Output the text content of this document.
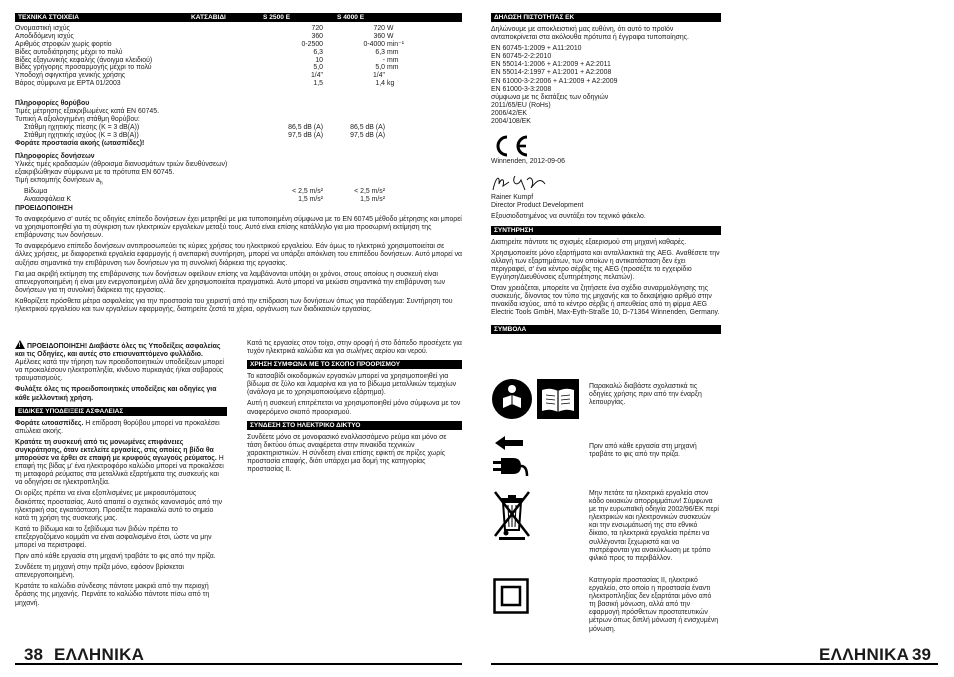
ΤΕΧΝΙΚΑ ΣΤΟΙΧΕΙΑ	ΚΑΤΣΑΒΙΔΙ	S 2500 E	S 4000 E
Ονομαστική ισχύς	720	720 W
Αποδιδόμενη ισχύς	360	360 W
Αριθμός στροφών χωρίς φορτίο	0-2500	0-4000 min⁻¹
Βίδες αυτοδιάτρησης μέχρι το πολύ	6,3	6,3 mm
Βίδες εξαγωνικής κεφαλής (άνοιγμα κλειδιού)	10	- mm
Βίδες γρήγορης προσαρμογής μέχρι το πολύ	5,0	5,0 mm
Υποδοχή σφιγκτήρα γενικής χρήσης	1/4"	1/4"
Βάρος σύμφωνα με EPTA 01/2003	1,5	1,4 kg
Πληροφορίες θορύβου
Τιμές μέτρησης εξακριβωμένες κατά EN 60745.
Τυπική Α αξιολογημένη στάθμη θορύβου:
Στάθμη ηχητικής πίεσης (K = 3 dB(A))	86,5 dB (A)	86,5 dB (A)
Στάθμη ηχητικής ισχύος (K = 3 dB(A))	97,5 dB (A)	97,5 dB (A)
Φοράτε προστασία ακοής (ωτασπίδες)!
Πληροφορίες δονήσεων
Υλικές τιμές κραδασμών (άθροισμα διανυσμάτων τριών διευθύνσεων) εξακριβώθηκαν σύμφωνα με τα πρότυπα EN 60745.
Τιμή εκπομπής δονήσεων $a_h$
Βίδωμα	< 2,5 m/s²	< 2,5 m/s²
Αναασφάλεια K	1,5 m/s²	1,5 m/s²
ΠΡΟΕΙΔΟΠΟΙΗΣΗ
Το αναφερόμενο σ' αυτές τις οδηγίες επίπεδο δονήσεων έχει μετρηθεί με μια τυποποιημένη σύμφωνα με το EN 60745 μέθοδο μέτρησης και μπορεί να χρησιμοποιηθεί για τη σύγκριση των ηλεκτρικών εργαλείων μεταξύ τους. Αυτό είναι επίσης κατάλληλο για μια προσωρινή εκτίμηση της επιβάρυνσης των δονήσεων.
Το αναφερόμενο επίπεδο δονήσεων αντιπροσωπεύει τις κύριες χρήσεις του ηλεκτρικού εργαλείου. Εάν όμως το ηλεκτρικό χρησιμοποιείται σε άλλες χρήσεις, με διαφορετικά εργαλεία εφαρμογής ή ανεπαρκή συντήρηση, μπορεί να υπάρξει απόκλιση του επιπέδου δονήσεων. Αυτό μπορεί να αυξήσει σημαντικά την επιβάρυνση των δονήσεων για τη συνολική διάρκεια της εργασίας.
Για μια ακριβή εκτίμηση της επιβάρυνσης των δονήσεων οφείλουν επίσης να λαμβάνονται υπόψη οι χρόνοι, στους οποίους η συσκευή είναι απενεργοποιημένη ή είναι μεν ενεργοποιημένη αλλά δεν χρησιμοποιείται πραγματικά. Αυτό μπορεί να μειώσει σημαντικά την επιβάρυνση των δονήσεων για τη συνολική διάρκεια της εργασίας.
Καθορίζετε πρόσθετα μέτρα ασφαλείας για την προστασία του χειριστή από την επίδραση των δονήσεων όπως για παράδειγμα: Συντήρηση του ηλεκτρικού εργαλείου και των εργαλείων εφαρμογής, διατηρείτε ζεστά τα χέρια, οργάνωση των διαδικασιών εργασίας.
!ΠΡΟΕΙΔΟΠΟΙΗΣΗ! Διαβάστε όλες τις Υποδείξεις ασφαλείας και τις Οδηγίες, και αυτές στο επισυναπτόμενο φυλλάδιο. Αμέλειες κατά την τήρηση των προειδοποιητικών υποδείξεων μπορεί να προκαλέσουν ηλεκτροπληξία, κίνδυνο πυρκαγιάς ή/και σοβαρούς τραυματισμούς.
Φυλάξτε όλες τις προειδοποιητικές υποδείξεις και οδηγίες για κάθε μελλοντική χρήση.
ΕΙΔΙΚΕΣ ΥΠΟΔΕΙΞΕΙΣ ΑΣΦΑΛΕΙΑΣ
Φοράτε ωτοασπίδες. Η επίδραση θορύβου μπορεί να προκαλέσει απώλεια ακοής.
Κρατάτε τη συσκευή από τις μονωμένες επιφάνειες συγκράτησης, όταν εκτελείτε εργασίες, στις οποίες η βίδα θα μπορούσε να έρθει σε επαφή με κρυφούς αγωγούς ρεύματος. Η επαφή της βίδας μ' ένα ηλεκτροφόρο καλώδιο μπορεί να προκαλέσει τη μεταφορά ρεύματος στα μεταλλικά εξαρτήματα της συσκευής και να οδηγήσει σε ηλεκτροπληξία.
Οι ορίζες πρέπει να είναι εξοπλισμένες με μικροαυτόματους διακόπτες προστασίας. Αυτό απαιτεί ο σχετικός κανονισμός από την ηλεκτρική σας εγκατάσταση. Προσέξτε παρακαλώ αυτό το σημείο κατά τη χρήση της συσκευής μας.
Κατά το βίδωμα και το ξεβίδωμα των βιδών πρέπει το επεξεργαζόμενο κομμάτι να είναι ασφαλισμένο έτσι, ώστε να μην μπορεί να περιστραφεί.
Πριν από κάθε εργασία στη μηχανή τραβάτε το φις από την πρίζα.
Συνδέετε τη μηχανή στην πρίζα μόνο, εφόσον βρίσκεται απενεργοποιημένη.
Κρατάτε το καλώδιο σύνδεσης πάντοτε μακριά από την περιοχή δράσης της μηχανής. Περνάτε το καλώδιο πάντοτε πίσω από τη μηχανή.
Κατά τις εργασίες στον τοίχο, στην οροφή ή στο δάπεδο προσέχετε για τυχόν ηλεκτρικά καλώδια και για σωλήνες αερίου και νερού.
ΧΡΗΣΗ ΣΥΜΦΩΝΑ ΜΕ ΤΟ ΣΚΟΠΟ ΠΡΟΟΡΙΣΜΟΥ
Το κατσαβίδι οικοδομικών εργασιών μπορεί να χρησιμοποιηθεί για βίδωμα σε ξύλο και λαμαρίνα και για το βίδωμα μεταλλικών τεμαχίων (ανάλογα με το χρησιμοποιούμενο εξάρτημα).
Αυτή η συσκευή επιτρέπεται να χρησιμοποιηθεί μόνο σύμφωνα με τον αναφερόμενο σκοπό προορισμού.
ΣΥΝΔΕΣΗ ΣΤΟ ΗΛΕΚΤΡΙΚΟ ΔΙΚΤΥΟ
Συνδέετε μόνο σε μονοφασικό εναλλασσόμενο ρεύμα και μόνο σε τάση δικτύου όπως αναφέρεται στην πινακίδα τεχνικών χαρακτηριστικών. Η σύνδεση είναι επίσης εφικτή σε πρίζες χωρίς προστασία επαφής, διότι υπάρχει μια δομή της κατηγορίας προστασίας II.
38 ΕΛΛΗΝΙΚΑ
ΔΗΛΩΣΗ ΠΙΣΤΟΤΗΤΑΣ ΕΚ
Δηλώνουμε με αποκλειστική μας ευθύνη, ότι αυτό το προϊόν ανταποκρίνεται στα ακόλουθα πρότυπα ή έγγραφα τυποποίησης.
EN 60745-1:2009 + A11:2010
EN 60745-2-2:2010
EN 55014-1:2006 + A1:2009 + A2:2011
EN 55014-2:1997 + A1:2001 + A2:2008
EN 61000-3-2:2006 + A1:2009 + A2:2009
EN 61000-3-3:2008
σύμφωνα με τις διατάξεις των οδηγιών
2011/65/EU (RoHs)
2006/42/EK
2004/108/EK
Winnenden, 2012-09-06
Rainer Kumpf
Director Product Development
Εξουσιοδοτημένος να συντάξει τον τεχνικό φάκελο.
ΣΥΝΤΗΡΗΣΗ
Διατηρείτε πάντοτε τις σχισμές εξαερισμού στη μηχανή καθαρές.
Χρησιμοποιείτε μόνο εξαρτήματα και ανταλλακτικά της AEG. Αναθέσετε την αλλαγή των εξαρτημάτων, των οποίων η αντικατάσταση δεν έχει περιγραφεί, σ' ένα κέντρο σέρβις της AEG (προσέξτε το εγχειρίδιο Εγγύηση/Διευθύνσεις εξυπηρέτησης πελατών).
Όταν χρειάζεται, μπορείτε να ζητήσετε ένα σχέδιο συναρμολόγησης της συσκευής, δίνοντας τον τύπο της μηχανής και το δεκαψήφιο αριθμό στην πινακίδα ισχύος, από το κέντρο σέρβις ή απευθείας από τη φίρμα AEG Electric Tools GmbH, Max-Eyth-Straße 10, D-71364 Winnenden, Germany.
ΣΥΜΒΟΛΑ
Παρακαλώ διαβάστε σχολαστικά τις οδηγίες χρήσης πριν από την έναρξη λειτουργίας.
Πριν από κάθε εργασία στη μηχανή τραβάτε το φις από την πρίζα.
Μην πετάτε τα ηλεκτρικά εργαλεία στον κάδο οικιακών απορριμμάτων! Σύμφωνα με την ευρωπαϊκή οδηγία 2002/96/ΕΚ περί ηλεκτρικών και ηλεκτρονικών συσκευών και την ενσωμάτωσή της στο εθνικό δίκαιο, τα ηλεκτρικά εργαλεία πρέπει να συλλέγονται ξεχωριστά και να πιστρέφονται για ανακύκλωση με τρόπο φιλικό προς το περιβάλλον.
Κατηγορία προστασίας II, ηλεκτρικό εργαλείο, στο οποίο η προστασία έναντι ηλεκτροπληξίας δεν εξαρτάται μόνο από τη βασική μόνωση, αλλά από την εφαρμογή πρόσθετων προστατευτικών μέτρων όπως διπλή μόνωση ή ενισχυμένη μόνωση.
ΕΛΛΗΝΙΚΑ 39
